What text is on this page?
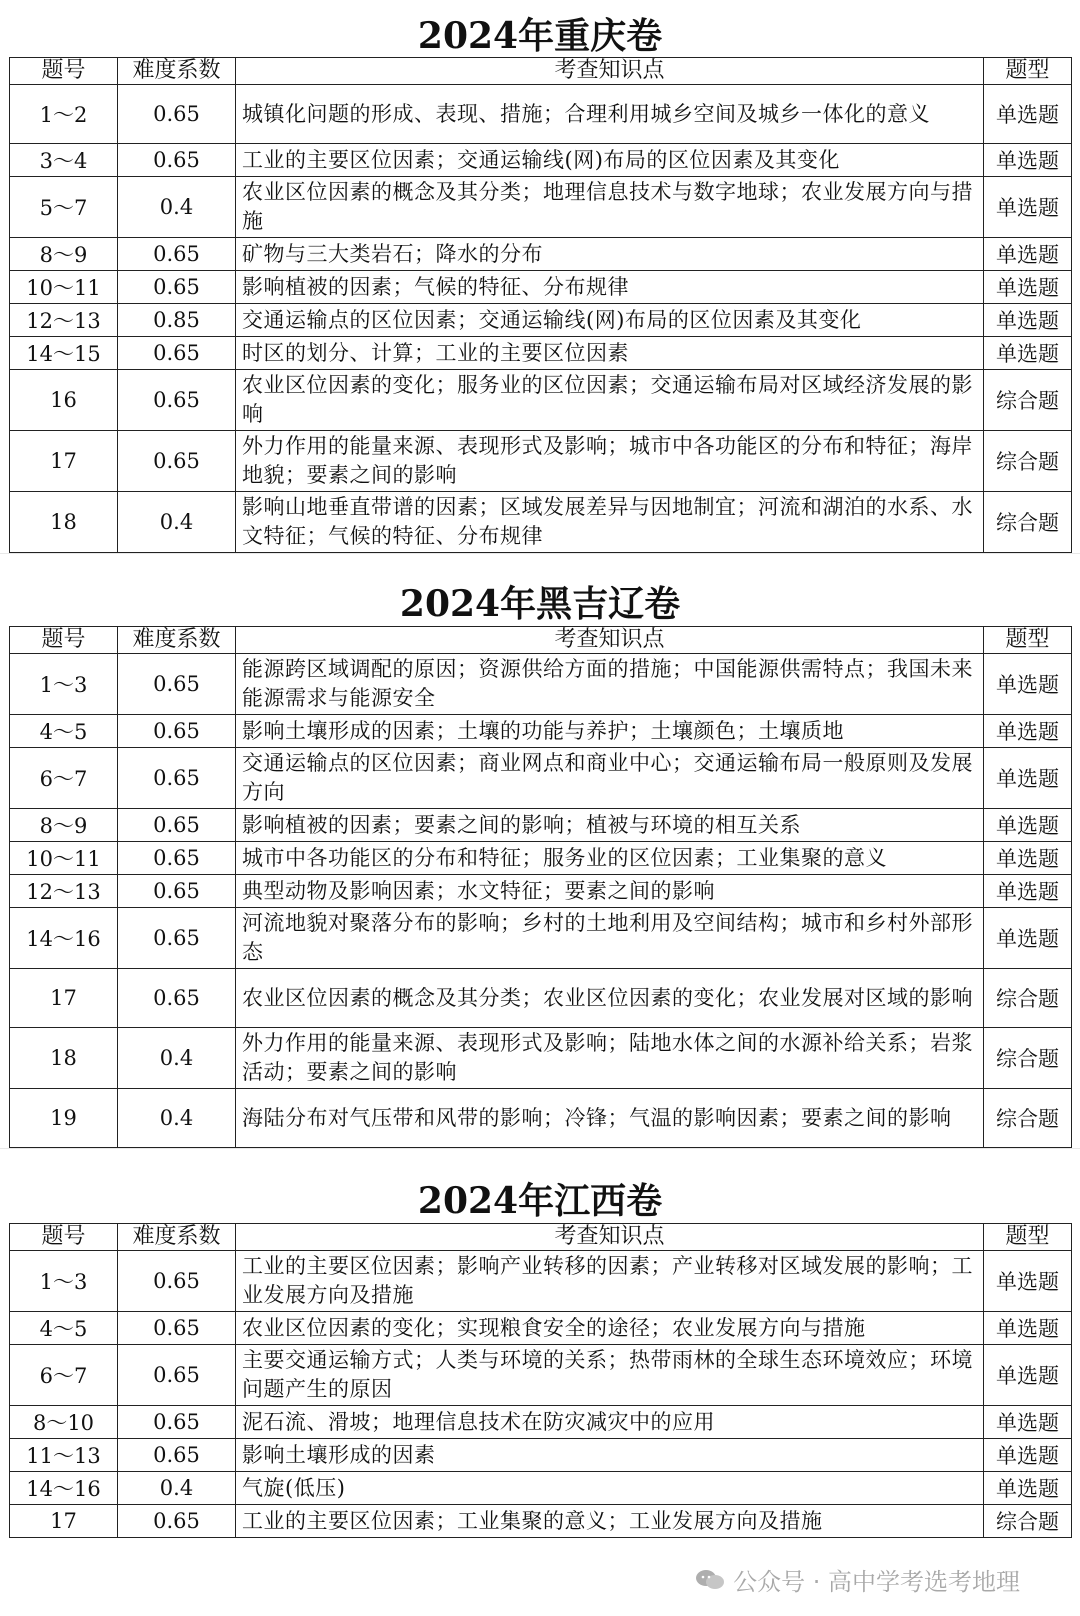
2024年重庆卷
题号	难度系数	考查知识点	题型
1～2	0.65	城镇化问题的形成、表现、措施；合理利用城乡空间及城乡一体化的意义	单选题
3～4	0.65	工业的主要区位因素；交通运输线(网)布局的区位因素及其变化	单选题
5～7	0.4	农业区位因素的概念及其分类；地理信息技术与数字地球；农业发展方向与措施	单选题
8～9	0.65	矿物与三大类岩石；降水的分布	单选题
10～11	0.65	影响植被的因素；气候的特征、分布规律	单选题
12～13	0.85	交通运输点的区位因素；交通运输线(网)布局的区位因素及其变化	单选题
14～15	0.65	时区的划分、计算；工业的主要区位因素	单选题
16	0.65	农业区位因素的变化；服务业的区位因素；交通运输布局对区域经济发展的影响	综合题
17	0.65	外力作用的能量来源、表现形式及影响；城市中各功能区的分布和特征；海岸地貌；要素之间的影响	综合题
18	0.4	影响山地垂直带谱的因素；区域发展差异与因地制宜；河流和湖泊的水系、水文特征；气候的特征、分布规律	综合题
2024年黑吉辽卷
题号	难度系数	考查知识点	题型
1～3	0.65	能源跨区域调配的原因；资源供给方面的措施；中国能源供需特点；我国未来能源需求与能源安全	单选题
4～5	0.65	影响土壤形成的因素；土壤的功能与养护；土壤颜色；土壤质地	单选题
6～7	0.65	交通运输点的区位因素；商业网点和商业中心；交通运输布局一般原则及发展方向	单选题
8～9	0.65	影响植被的因素；要素之间的影响；植被与环境的相互关系	单选题
10～11	0.65	城市中各功能区的分布和特征；服务业的区位因素；工业集聚的意义	单选题
12～13	0.65	典型动物及影响因素；水文特征；要素之间的影响	单选题
14～16	0.65	河流地貌对聚落分布的影响；乡村的土地利用及空间结构；城市和乡村外部形态	单选题
17	0.65	农业区位因素的概念及其分类；农业区位因素的变化；农业发展对区域的影响	综合题
18	0.4	外力作用的能量来源、表现形式及影响；陆地水体之间的水源补给关系；岩浆活动；要素之间的影响	综合题
19	0.4	海陆分布对气压带和风带的影响；冷锋；气温的影响因素；要素之间的影响	综合题
2024年江西卷
题号	难度系数	考查知识点	题型
1～3	0.65	工业的主要区位因素；影响产业转移的因素；产业转移对区域发展的影响；工业发展方向及措施	单选题
4～5	0.65	农业区位因素的变化；实现粮食安全的途径；农业发展方向与措施	单选题
6～7	0.65	主要交通运输方式；人类与环境的关系；热带雨林的全球生态环境效应；环境问题产生的原因	单选题
8～10	0.65	泥石流、滑坡；地理信息技术在防灾减灾中的应用	单选题
11～13	0.65	影响土壤形成的因素	单选题
14～16	0.4	气旋(低压)	单选题
17	0.65	工业的主要区位因素；工业集聚的意义；工业发展方向及措施	综合题
公众号 · 高中学考选考地理
